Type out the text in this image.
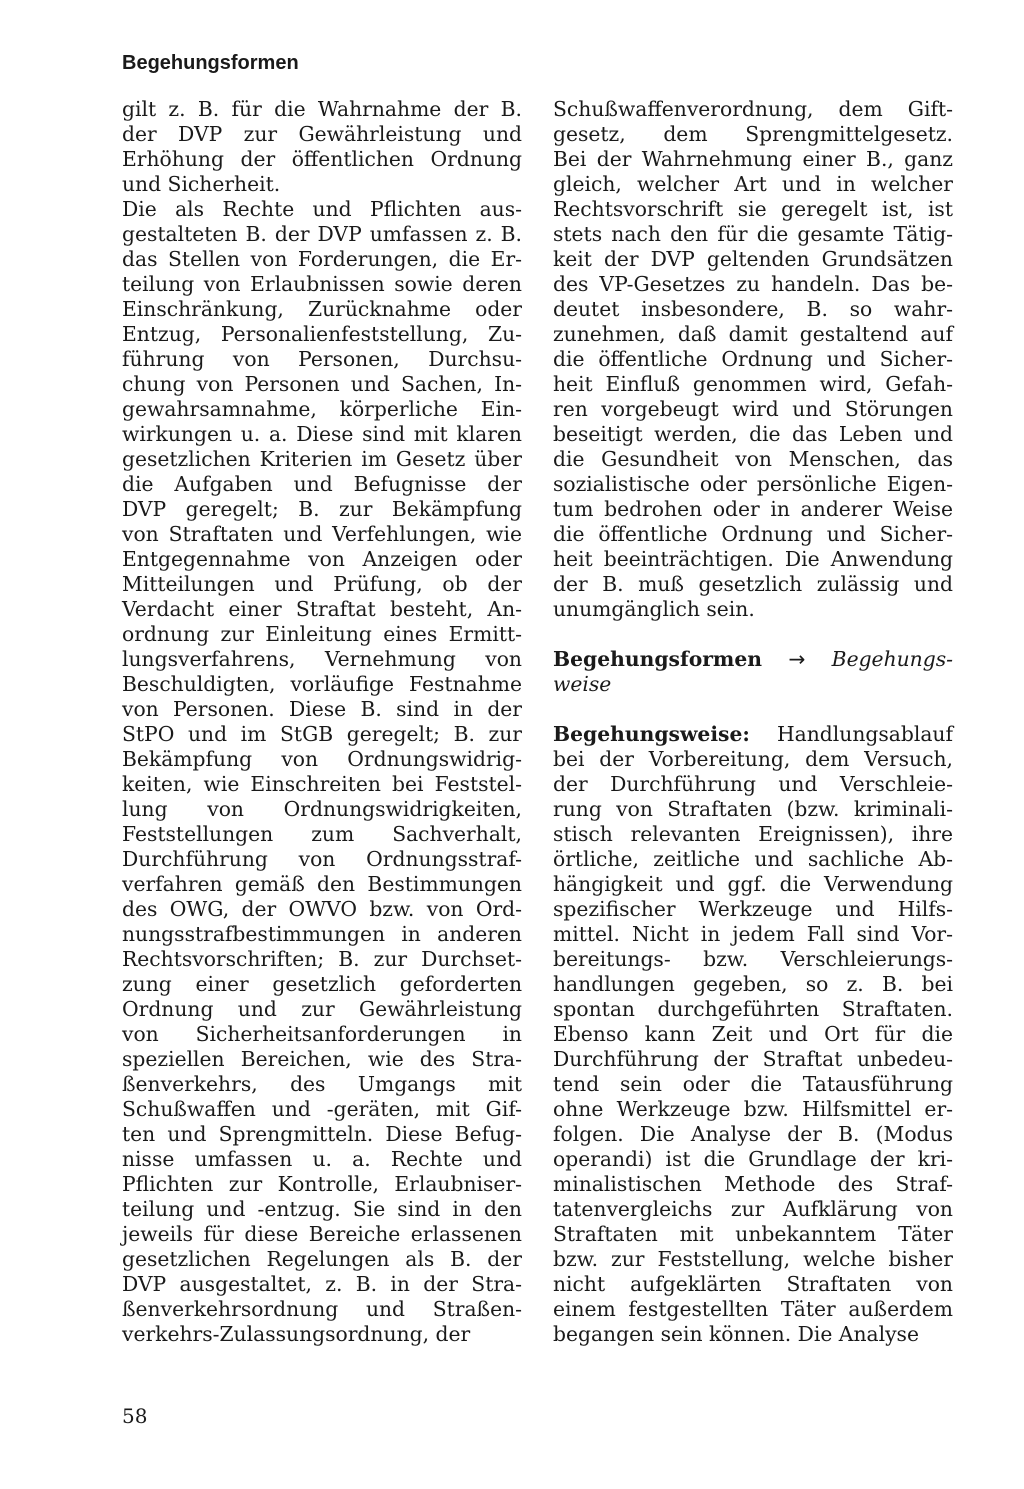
Begehungsformen
gilt z. B. für die Wahrnahme der B.
der DVP zur Gewährleistung und
Erhöhung der öffentlichen Ordnung
und Sicherheit.
Die als Rechte und Pflichten aus-
gestalteten B. der DVP umfassen z. B.
das Stellen von Forderungen, die Er-
teilung von Erlaubnissen sowie deren
Einschränkung, Zurücknahme oder
Entzug, Personalienfeststellung, Zu-
führung von Personen, Durchsu-
chung von Personen und Sachen, In-
gewahrsamnahme, körperliche Ein-
wirkungen u. a. Diese sind mit klaren
gesetzlichen Kriterien im Gesetz über
die Aufgaben und Befugnisse der
DVP geregelt; B. zur Bekämpfung
von Straftaten und Verfehlungen, wie
Entgegennahme von Anzeigen oder
Mitteilungen und Prüfung, ob der
Verdacht einer Straftat besteht, An-
ordnung zur Einleitung eines Ermitt-
lungsverfahrens, Vernehmung von
Beschuldigten, vorläufige Festnahme
von Personen. Diese B. sind in der
StPO und im StGB geregelt; B. zur
Bekämpfung von Ordnungswidrig-
keiten, wie Einschreiten bei Feststel-
lung von Ordnungswidrigkeiten,
Feststellungen zum Sachverhalt,
Durchführung von Ordnungsstraf-
verfahren gemäß den Bestimmungen
des OWG, der OWVO bzw. von Ord-
nungsstrafbestimmungen in anderen
Rechtsvorschriften; B. zur Durchset-
zung einer gesetzlich geforderten
Ordnung und zur Gewährleistung
von Sicherheitsanforderungen in
speziellen Bereichen, wie des Stra-
ßenverkehrs, des Umgangs mit
Schußwaffen und -geräten, mit Gif-
ten und Sprengmitteln. Diese Befug-
nisse umfassen u. a. Rechte und
Pflichten zur Kontrolle, Erlaubniser-
teilung und -entzug. Sie sind in den
jeweils für diese Bereiche erlassenen
gesetzlichen Regelungen als B. der
DVP ausgestaltet, z. B. in der Stra-
ßenverkehrsordnung und Straßen-
verkehrs-Zulassungsordnung, der
Schußwaffenverordnung, dem Gift-
gesetz, dem Sprengmittelgesetz.
Bei der Wahrnehmung einer B., ganz
gleich, welcher Art und in welcher
Rechtsvorschrift sie geregelt ist, ist
stets nach den für die gesamte Tätig-
keit der DVP geltenden Grundsätzen
des VP-Gesetzes zu handeln. Das be-
deutet insbesondere, B. so wahr-
zunehmen, daß damit gestaltend auf
die öffentliche Ordnung und Sicher-
heit Einfluß genommen wird, Gefah-
ren vorgebeugt wird und Störungen
beseitigt werden, die das Leben und
die Gesundheit von Menschen, das
sozialistische oder persönliche Eigen-
tum bedrohen oder in anderer Weise
die öffentliche Ordnung und Sicher-
heit beeinträchtigen. Die Anwendung
der B. muß gesetzlich zulässig und
unumgänglich sein.
Begehungsformen → Begehungs-
weise
Begehungsweise: Handlungsablauf
bei der Vorbereitung, dem Versuch,
der Durchführung und Verschleie-
rung von Straftaten (bzw. kriminali-
stisch relevanten Ereignissen), ihre
örtliche, zeitliche und sachliche Ab-
hängigkeit und ggf. die Verwendung
spezifischer Werkzeuge und Hilfs-
mittel. Nicht in jedem Fall sind Vor-
bereitungs- bzw. Verschleierungs-
handlungen gegeben, so z. B. bei
spontan durchgeführten Straftaten.
Ebenso kann Zeit und Ort für die
Durchführung der Straftat unbedeu-
tend sein oder die Tatausführung
ohne Werkzeuge bzw. Hilfsmittel er-
folgen. Die Analyse der B. (Modus
operandi) ist die Grundlage der kri-
minalistischen Methode des Straf-
tatenvergleichs zur Aufklärung von
Straftaten mit unbekanntem Täter
bzw. zur Feststellung, welche bisher
nicht aufgeklärten Straftaten von
einem festgestellten Täter außerdem
begangen sein können. Die Analyse
58
